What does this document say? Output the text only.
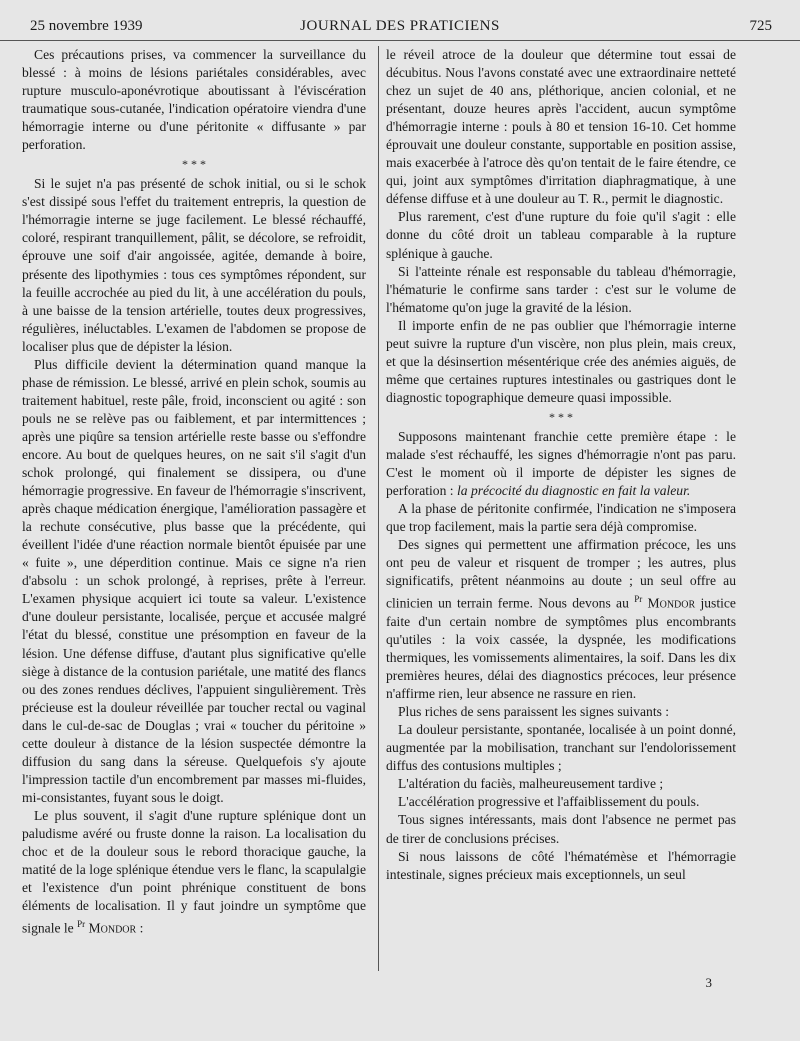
25 novembre 1939	JOURNAL DES PRATICIENS	725

Ces précautions prises, va commencer la surveillance du blessé : à moins de lésions pariétales considérables, avec rupture musculo-aponévrotique aboutissant à l'éviscération traumatique sous-cutanée, l'indication opératoire viendra d'une hémorragie interne ou d'une péritonite « diffusante » par perforation.

* * *

Si le sujet n'a pas présenté de schok initial, ou si le schok s'est dissipé sous l'effet du traitement entrepris, la question de l'hémorragie interne se juge facilement. Le blessé réchauffé, coloré, respirant tranquillement, pâlit, se décolore, se refroidit, éprouve une soif d'air angoissée, agitée, demande à boire, présente des lipothymies : tous ces symptômes répondent, sur la feuille accrochée au pied du lit, à une accélération du pouls, à une baisse de la tension artérielle, toutes deux progressives, régulières, inéluctables. L'examen de l'abdomen se propose de localiser plus que de dépister la lésion.

Plus difficile devient la détermination quand manque la phase de rémission. Le blessé, arrivé en plein schok, soumis au traitement habituel, reste pâle, froid, inconscient ou agité : son pouls ne se relève pas ou faiblement, et par intermittences ; après une piqûre sa tension artérielle reste basse ou s'effondre encore. Au bout de quelques heures, on ne sait s'il s'agit d'un schok prolongé, qui finalement se dissipera, ou d'une hémorragie progressive. En faveur de l'hémorragie s'inscrivent, après chaque médication énergique, l'amélioration passagère et la rechute consécutive, plus basse que la précédente, qui éveillent l'idée d'une réaction normale bientôt épuisée par une « fuite », une déperdition continue. Mais ce signe n'a rien d'absolu : un schok prolongé, à reprises, prête à l'erreur. L'examen physique acquiert ici toute sa valeur. L'existence d'une douleur persistante, localisée, perçue et accusée malgré l'état du blessé, constitue une présomption en faveur de la lésion. Une défense diffuse, d'autant plus significative qu'elle siège à distance de la contusion pariétale, une matité des flancs ou des zones rendues déclives, l'appuient singulièrement. Très précieuse est la douleur réveillée par toucher rectal ou vaginal dans le cul-de-sac de Douglas ; vrai « toucher du péritoine » cette douleur à distance de la lésion suspectée démontre la diffusion du sang dans la séreuse. Quelquefois s'y ajoute l'impression tactile d'un encombrement par masses mi-fluides, mi-consistantes, fuyant sous le doigt.

Le plus souvent, il s'agit d'une rupture splénique dont un paludisme avéré ou fruste donne la raison. La localisation du choc et de la douleur sous le rebord thoracique gauche, la matité de la loge splénique étendue vers le flanc, la scapulalgie et l'existence d'un point phrénique constituent de bons éléments de localisation. Il y faut joindre un symptôme que signale le $^{Pr}$ Mondor :

le réveil atroce de la douleur que détermine tout essai de décubitus. Nous l'avons constaté avec une extraordinaire netteté chez un sujet de 40 ans, pléthorique, ancien colonial, et ne présentant, douze heures après l'accident, aucun symptôme d'hémorragie interne : pouls à 80 et tension 16-10. Cet homme éprouvait une douleur constante, supportable en position assise, mais exacerbée à l'atroce dès qu'on tentait de le faire étendre, ce qui, joint aux symptômes d'irritation diaphragmatique, à une défense diffuse et à une douleur au T. R., permit le diagnostic.

Plus rarement, c'est d'une rupture du foie qu'il s'agit : elle donne du côté droit un tableau comparable à la rupture splénique à gauche.

Si l'atteinte rénale est responsable du tableau d'hémorragie, l'hématurie le confirme sans tarder : c'est sur le volume de l'hématome qu'on juge la gravité de la lésion.

Il importe enfin de ne pas oublier que l'hémorragie interne peut suivre la rupture d'un viscère, non plus plein, mais creux, et que la désinsertion mésentérique crée des anémies aiguës, de même que certaines ruptures intestinales ou gastriques dont le diagnostic topographique demeure quasi impossible.

* * *

Supposons maintenant franchie cette première étape : le malade s'est réchauffé, les signes d'hémorragie n'ont pas paru. C'est le moment où il importe de dépister les signes de perforation : la précocité du diagnostic en fait la valeur.

A la phase de péritonite confirmée, l'indication ne s'imposera que trop facilement, mais la partie sera déjà compromise.

Des signes qui permettent une affirmation précoce, les uns ont peu de valeur et risquent de tromper ; les autres, plus significatifs, prêtent néanmoins au doute ; un seul offre au clinicien un terrain ferme. Nous devons au $^{Pr}$ Mondor justice faite d'un certain nombre de symptômes plus encombrants qu'utiles : la voix cassée, la dyspnée, les modifications thermiques, les vomissements alimentaires, la soif. Dans les dix premières heures, délai des diagnostics précoces, leur présence n'affirme rien, leur absence ne rassure en rien.

Plus riches de sens paraissent les signes suivants :

La douleur persistante, spontanée, localisée à un point donné, augmentée par la mobilisation, tranchant sur l'endolorissement diffus des contusions multiples ;

L'altération du faciès, malheureusement tardive ;

L'accélération progressive et l'affaiblissement du pouls.

Tous signes intéressants, mais dont l'absence ne permet pas de tirer de conclusions précises.

Si nous laissons de côté l'hématémèse et l'hémorragie intestinale, signes précieux mais exceptionnels, un seul

3
